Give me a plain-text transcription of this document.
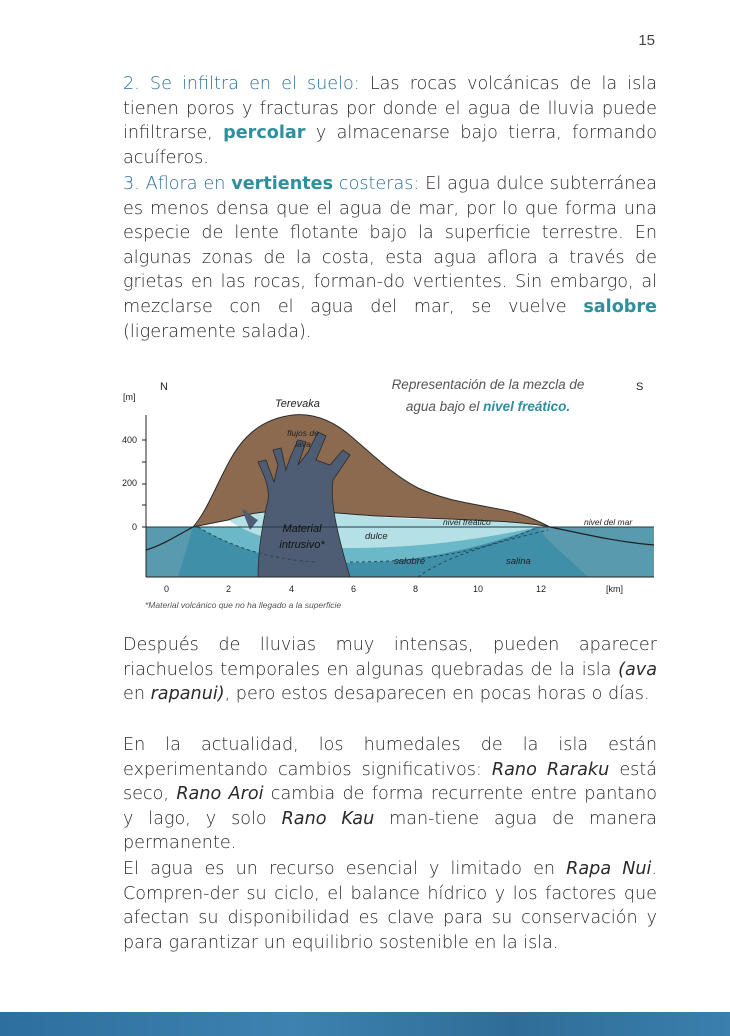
15

2. Se infiltra en el suelo: Las rocas volcánicas de la isla tienen poros y fracturas por donde el agua de lluvia puede infiltrarse, percolar y almacenarse bajo tierra, formando acuíferos.

3. Aflora en vertientes costeras: El agua dulce subterránea es menos densa que el agua de mar, por lo que forma una especie de lente flotante bajo la superficie terrestre. En algunas zonas de la costa, esta agua aflora a través de grietas en las rocas, forman-do vertientes. Sin embargo, al mezclarse con el agua del mar, se vuelve salobre (ligeramente salada).

[m]
400
200
0
0	2	4	6	8	10	12	[km]
N	S
Representación de la mezcla de
agua bajo el nivel freático.
Terevaka
flujos de
lava
Material
intrusivo*
dulce
salobre	salina
nivel freático	nivel del mar
*Material volcánico que no ha llegado a la superficie

Después de lluvias muy intensas, pueden aparecer riachuelos temporales en algunas quebradas de la isla (ava en rapanui), pero estos desaparecen en pocas horas o días.

En la actualidad, los humedales de la isla están experimentando cambios significativos: Rano Raraku está seco, Rano Aroi cambia de forma recurrente entre pantano y lago, y solo Rano Kau man-tiene agua de manera permanente.

El agua es un recurso esencial y limitado en Rapa Nui. Compren-der su ciclo, el balance hídrico y los factores que afectan su disponibilidad es clave para su conservación y para garantizar un equilibrio sostenible en la isla.
